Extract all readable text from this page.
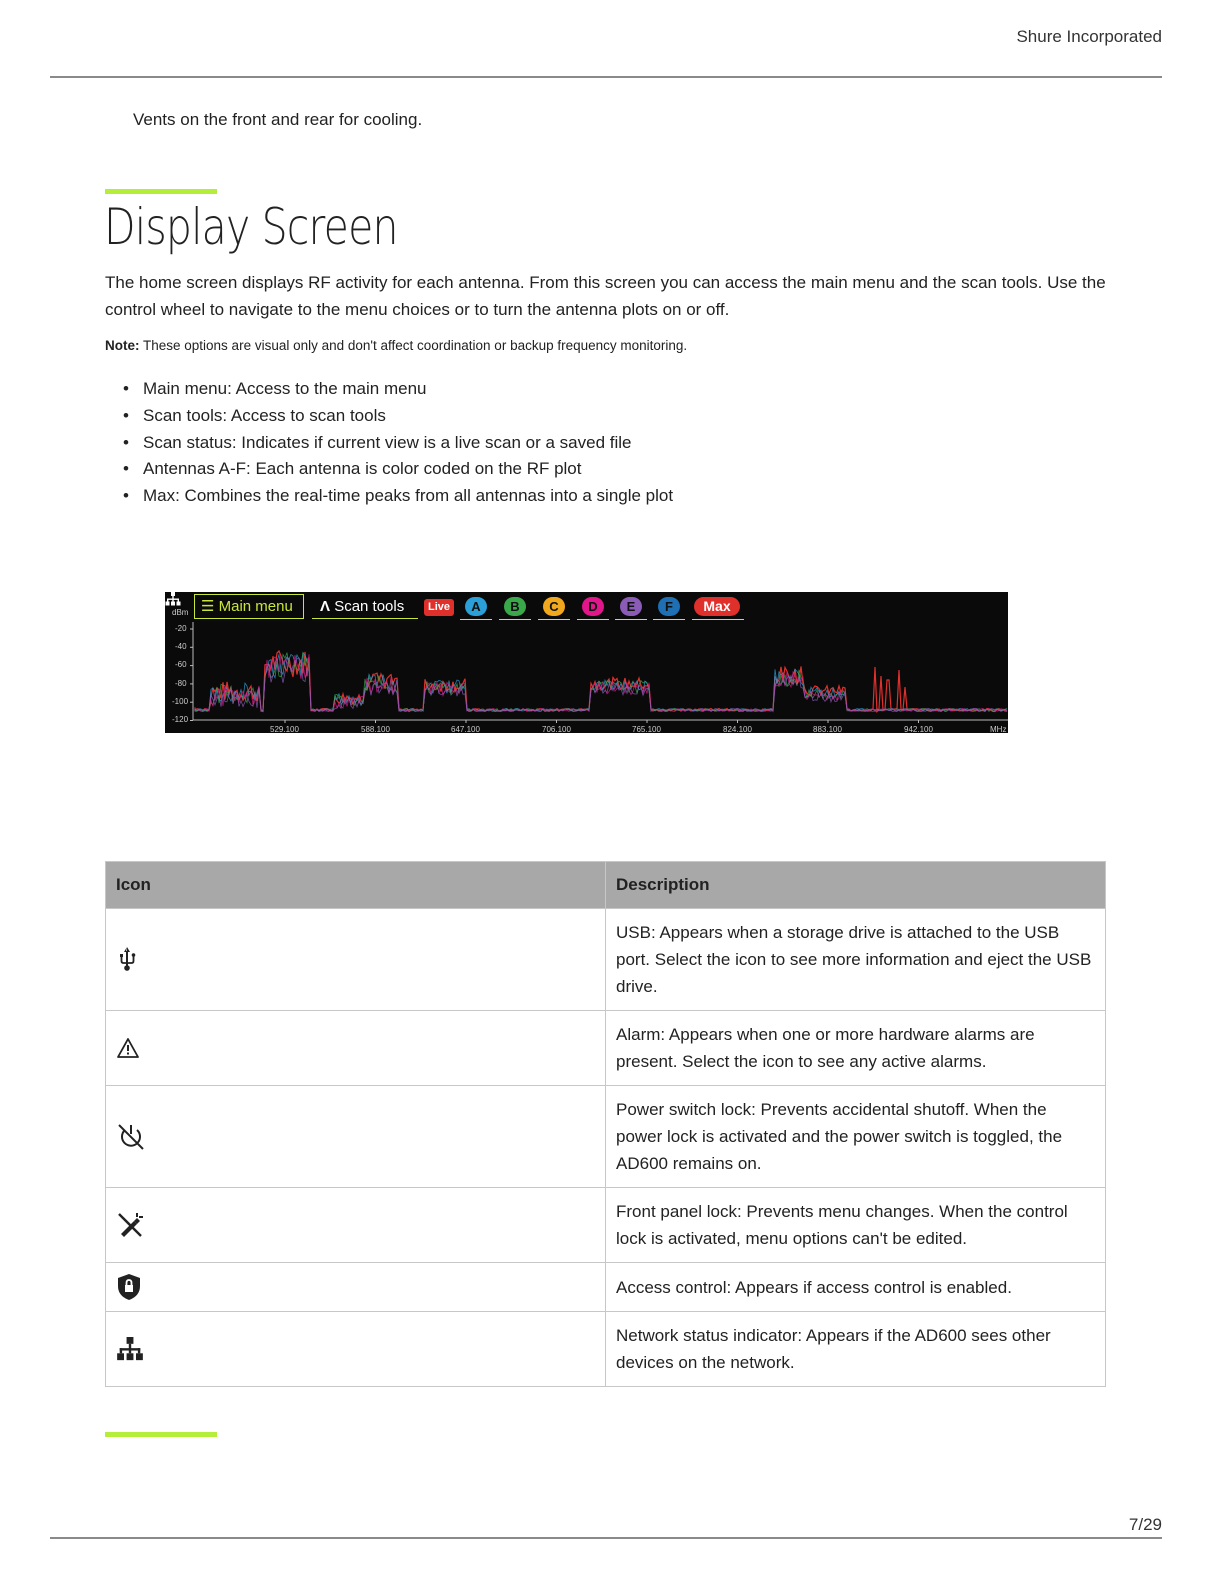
Shure Incorporated
Vents on the front and rear for cooling.
Display Screen

The home screen displays RF activity for each antenna. From this screen you can access the main menu and the scan tools. Use the control wheel to navigate to the menu choices or to turn the antenna plots on or off.

Note: These options are visual only and don't affect coordination or backup frequency monitoring.
• Main menu: Access to the main menu
• Scan tools: Access to scan tools
• Scan status: Indicates if current view is a live scan or a saved file
• Antennas A-F: Each antenna is color coded on the RF plot
• Max: Combines the real-time peaks from all antennas into a single plot
dBm
-20
-40
-60
-80
-100
-120
529.100	588.100	647.100	706.100	765.100	824.100	883.100	942.100	MHz
☰ Main menu	Λ Scan tools	Live	A	B	C	D	E	F	Max
Icon	Description

	USB: Appears when a storage drive is attached to the USB port. Select the icon to see more information and eject the USB drive.

	Alarm: Appears when one or more hardware alarms are present. Select the icon to see any active alarms.

	Power switch lock: Prevents accidental shutoff. When the power lock is activated and the power switch is toggled, the AD600 remains on.

	Front panel lock: Prevents menu changes. When the control lock is activated, menu options can't be edited.

	Access control: Appears if access control is enabled.

	Network status indicator: Appears if the AD600 sees other devices on the network.
7/29
